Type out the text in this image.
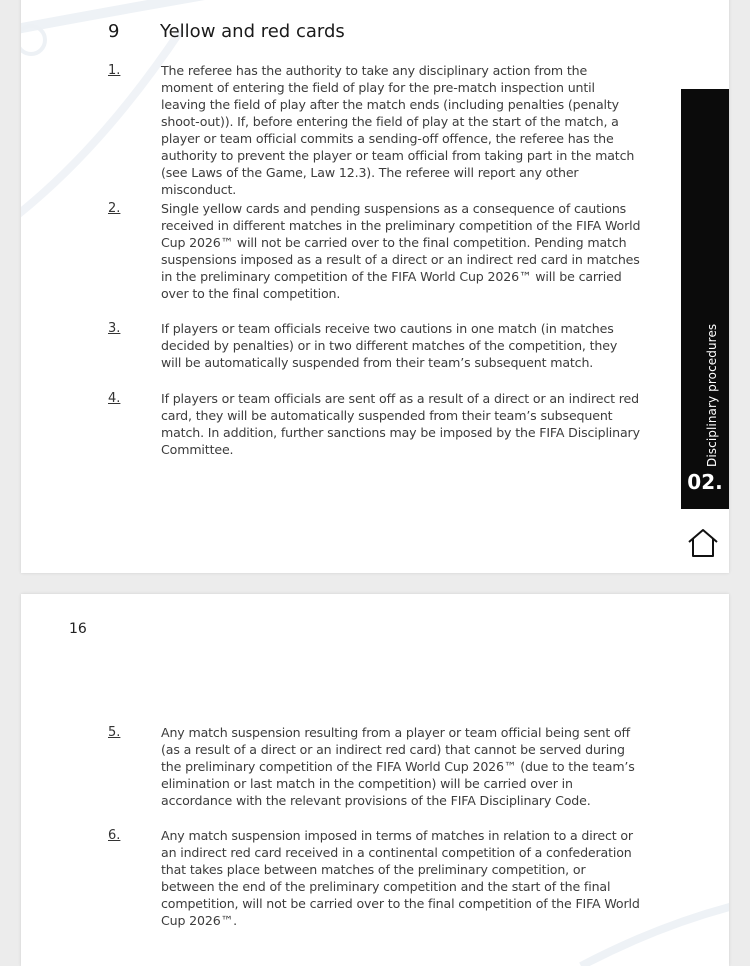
9 Yellow and red cards

1.	The referee has the authority to take any disciplinary action from the moment of entering the field of play for the pre-match inspection until leaving the field of play after the match ends (including penalties (penalty shoot-out)). If, before entering the field of play at the start of the match, a player or team official commits a sending-off offence, the referee has the authority to prevent the player or team official from taking part in the match (see Laws of the Game, Law 12.3). The referee will report any other misconduct.

2.	Single yellow cards and pending suspensions as a consequence of cautions received in different matches in the preliminary competition of the FIFA World Cup 2026™ will not be carried over to the final competition. Pending match suspensions imposed as a result of a direct or an indirect red card in matches in the preliminary competition of the FIFA World Cup 2026™ will be carried over to the final competition.

3.	If players or team officials receive two cautions in one match (in matches decided by penalties) or in two different matches of the competition, they will be automatically suspended from their team’s subsequent match.

4.	If players or team officials are sent off as a result of a direct or an indirect red card, they will be automatically suspended from their team’s subsequent match. In addition, further sanctions may be imposed by the FIFA Disciplinary Committee.	Disciplinary procedures
02.

5.	Any match suspension resulting from a player or team official being sent off (as a result of a direct or an indirect red card) that cannot be served during the preliminary competition of the FIFA World Cup 2026™ (due to the team’s elimination or last match in the competition) will be carried over in accordance with the relevant provisions of the FIFA Disciplinary Code.

6.	Any match suspension imposed in terms of matches in relation to a direct or an indirect red card received in a continental competition of a confederation that takes place between matches of the preliminary competition, or between the end of the preliminary competition and the start of the final competition, will not be carried over to the final competition of the FIFA World Cup 2026™.

16
